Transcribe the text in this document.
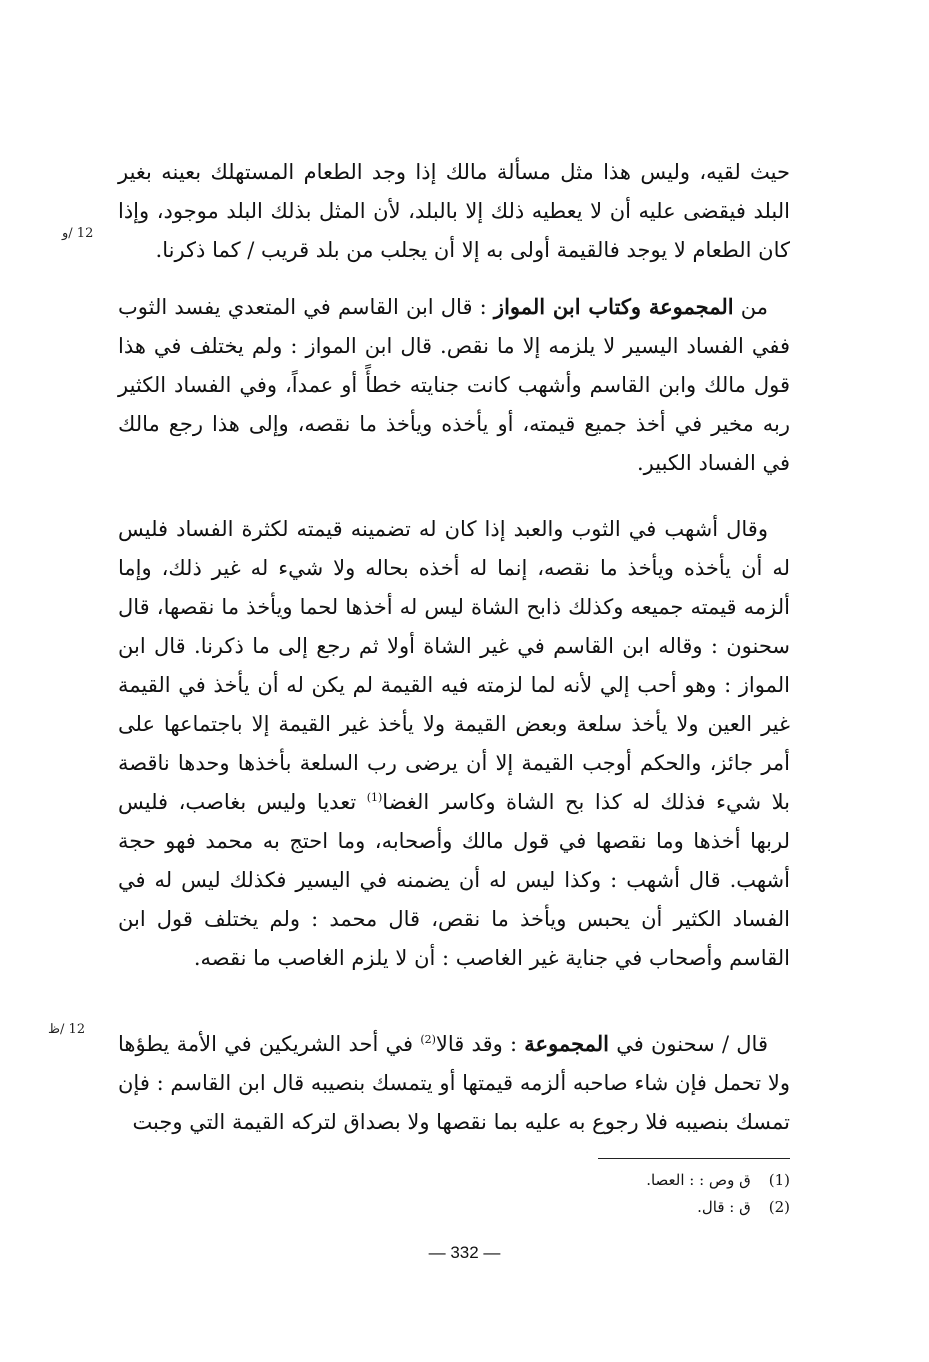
12 /و
12 /ظ

حيث لقيه، وليس هذا مثل مسألة مالك إذا وجد الطعام المستهلك بعينه بغير البلد فيقضى عليه أن لا يعطيه ذلك إلا بالبلد، لأن المثل بذلك البلد موجود، وإذا كان الطعام لا يوجد فالقيمة أولى به إلا أن يجلب من بلد قريب / كما ذكرنا.

من المجموعة وكتاب ابن المواز : قال ابن القاسم في المتعدي يفسد الثوب ففي الفساد اليسير لا يلزمه إلا ما نقص. قال ابن المواز : ولم يختلف في هذا قول مالك وابن القاسم وأشهب كانت جنايته خطأً أو عمداً، وفي الفساد الكثير ربه مخير في أخذ جميع قيمته، أو يأخذه ويأخذ ما نقصه، وإلى هذا رجع مالك في الفساد الكبير.

وقال أشهب في الثوب والعبد إذا كان له تضمينه قيمته لكثرة الفساد فليس له أن يأخذه ويأخذ ما نقصه، إنما له أخذه بحاله ولا شيء له غير ذلك، وإما ألزمه قيمته جميعه وكذلك ذابح الشاة ليس له أخذها لحما ويأخذ ما نقصها، قال سحنون : وقاله ابن القاسم في غير الشاة أولا ثم رجع إلى ما ذكرنا. قال ابن المواز : وهو أحب إلي لأنه لما لزمته فيه القيمة لم يكن له أن يأخذ في القيمة غير العين ولا يأخذ سلعة وبعض القيمة ولا يأخذ غير القيمة إلا باجتماعها على أمر جائز، والحكم أوجب القيمة إلا أن يرضى رب السلعة بأخذها وحدها ناقصة بلا شيء فذلك له كذا بح الشاة وكاسر الغضا$^{(1)}$ تعديا وليس بغاصب، فليس لربها أخذها وما نقصها في قول مالك وأصحابه، وما احتج به محمد فهو حجة أشهب. قال أشهب : وكذا ليس له أن يضمنه في اليسير فكذلك ليس له في الفساد الكثير أن يحبس ويأخذ ما نقص، قال محمد : ولم يختلف قول ابن القاسم وأصحاب في جناية غير الغاصب : أن لا يلزم الغاصب ما نقصه.

قال / سحنون في المجموعة : وقد قالا$^{(2)}$ في أحد الشريكين في الأمة يطؤها ولا تحمل فإن شاء صاحبه ألزمه قيمتها أو يتمسك بنصيبه قال ابن القاسم : فإن تمسك بنصيبه فلا رجوع به عليه بما نقصها ولا بصداق لتركه القيمة التي وجبت

(1)
ق وص : : العصا.

(2)
ق : قال.

— 332 —
